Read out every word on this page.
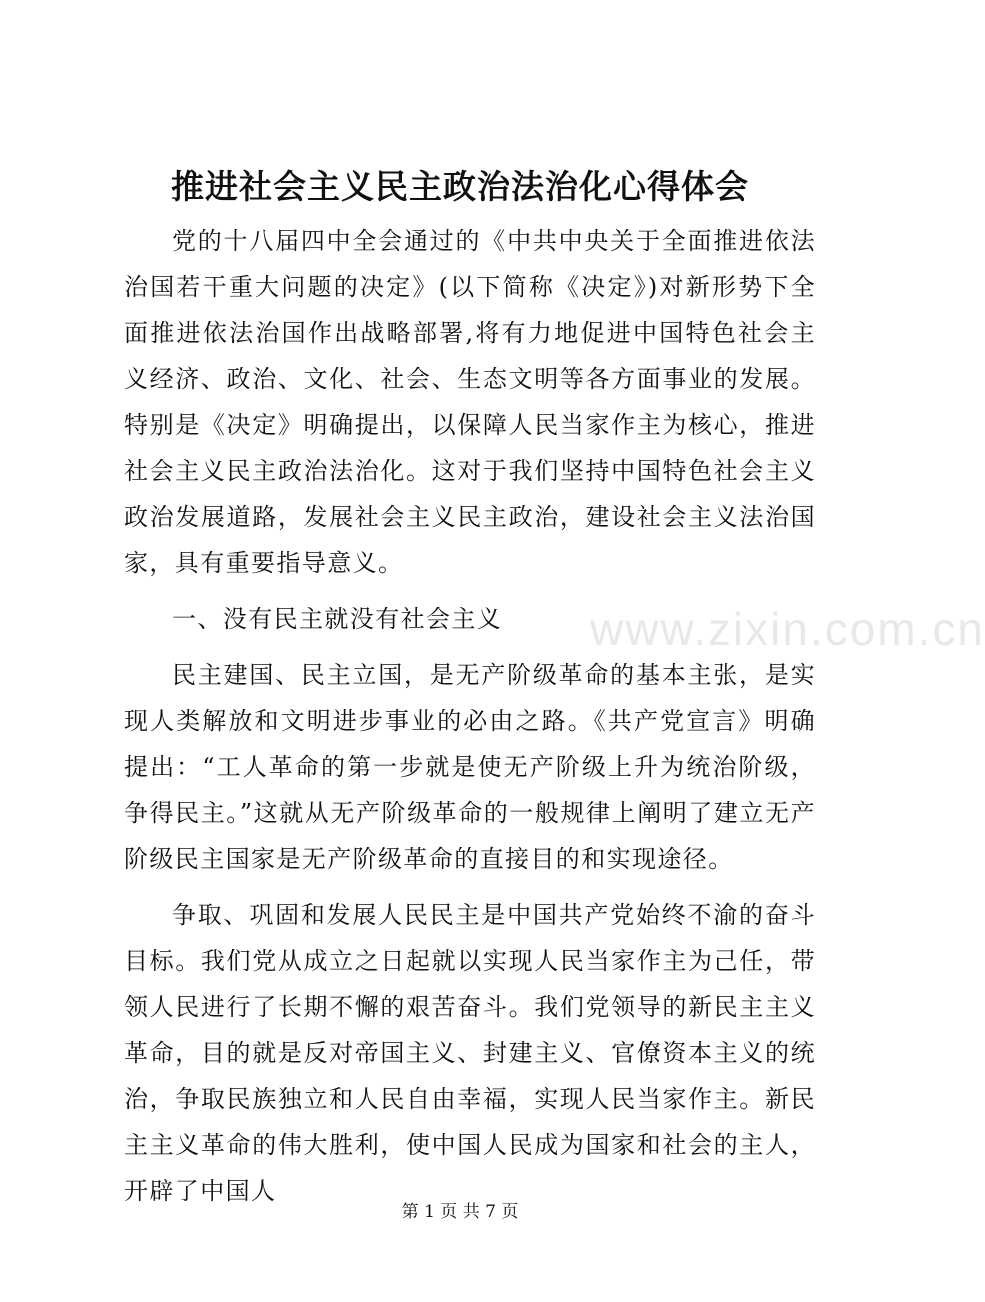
推进社会主义民主政治法治化心得体会

党的十八届四中全会通过的《中共中央关于全面推进依法治国若干重大问题的决定》(以下简称《决定》)对新形势下全面推进依法治国作出战略部署,将有力地促进中国特色社会主义经济、政治、文化、社会、生态文明等各方面事业的发展。特别是《决定》明确提出，以保障人民当家作主为核心，推进社会主义民主政治法治化。这对于我们坚持中国特色社会主义政治发展道路，发展社会主义民主政治，建设社会主义法治国家，具有重要指导意义。

一、没有民主就没有社会主义

民主建国、民主立国，是无产阶级革命的基本主张，是实现人类解放和文明进步事业的必由之路。《共产党宣言》明确提出：“工人革命的第一步就是使无产阶级上升为统治阶级，争得民主。”这就从无产阶级革命的一般规律上阐明了建立无产阶级民主国家是无产阶级革命的直接目的和实现途径。

争取、巩固和发展人民民主是中国共产党始终不渝的奋斗目标。我们党从成立之日起就以实现人民当家作主为己任，带领人民进行了长期不懈的艰苦奋斗。我们党领导的新民主主义革命，目的就是反对帝国主义、封建主义、官僚资本主义的统治，争取民族独立和人民自由幸福，实现人民当家作主。新民主主义革命的伟大胜利，使中国人民成为国家和社会的主人，开辟了中国人

www.zixin.com.cn
第 1 页 共 7 页
